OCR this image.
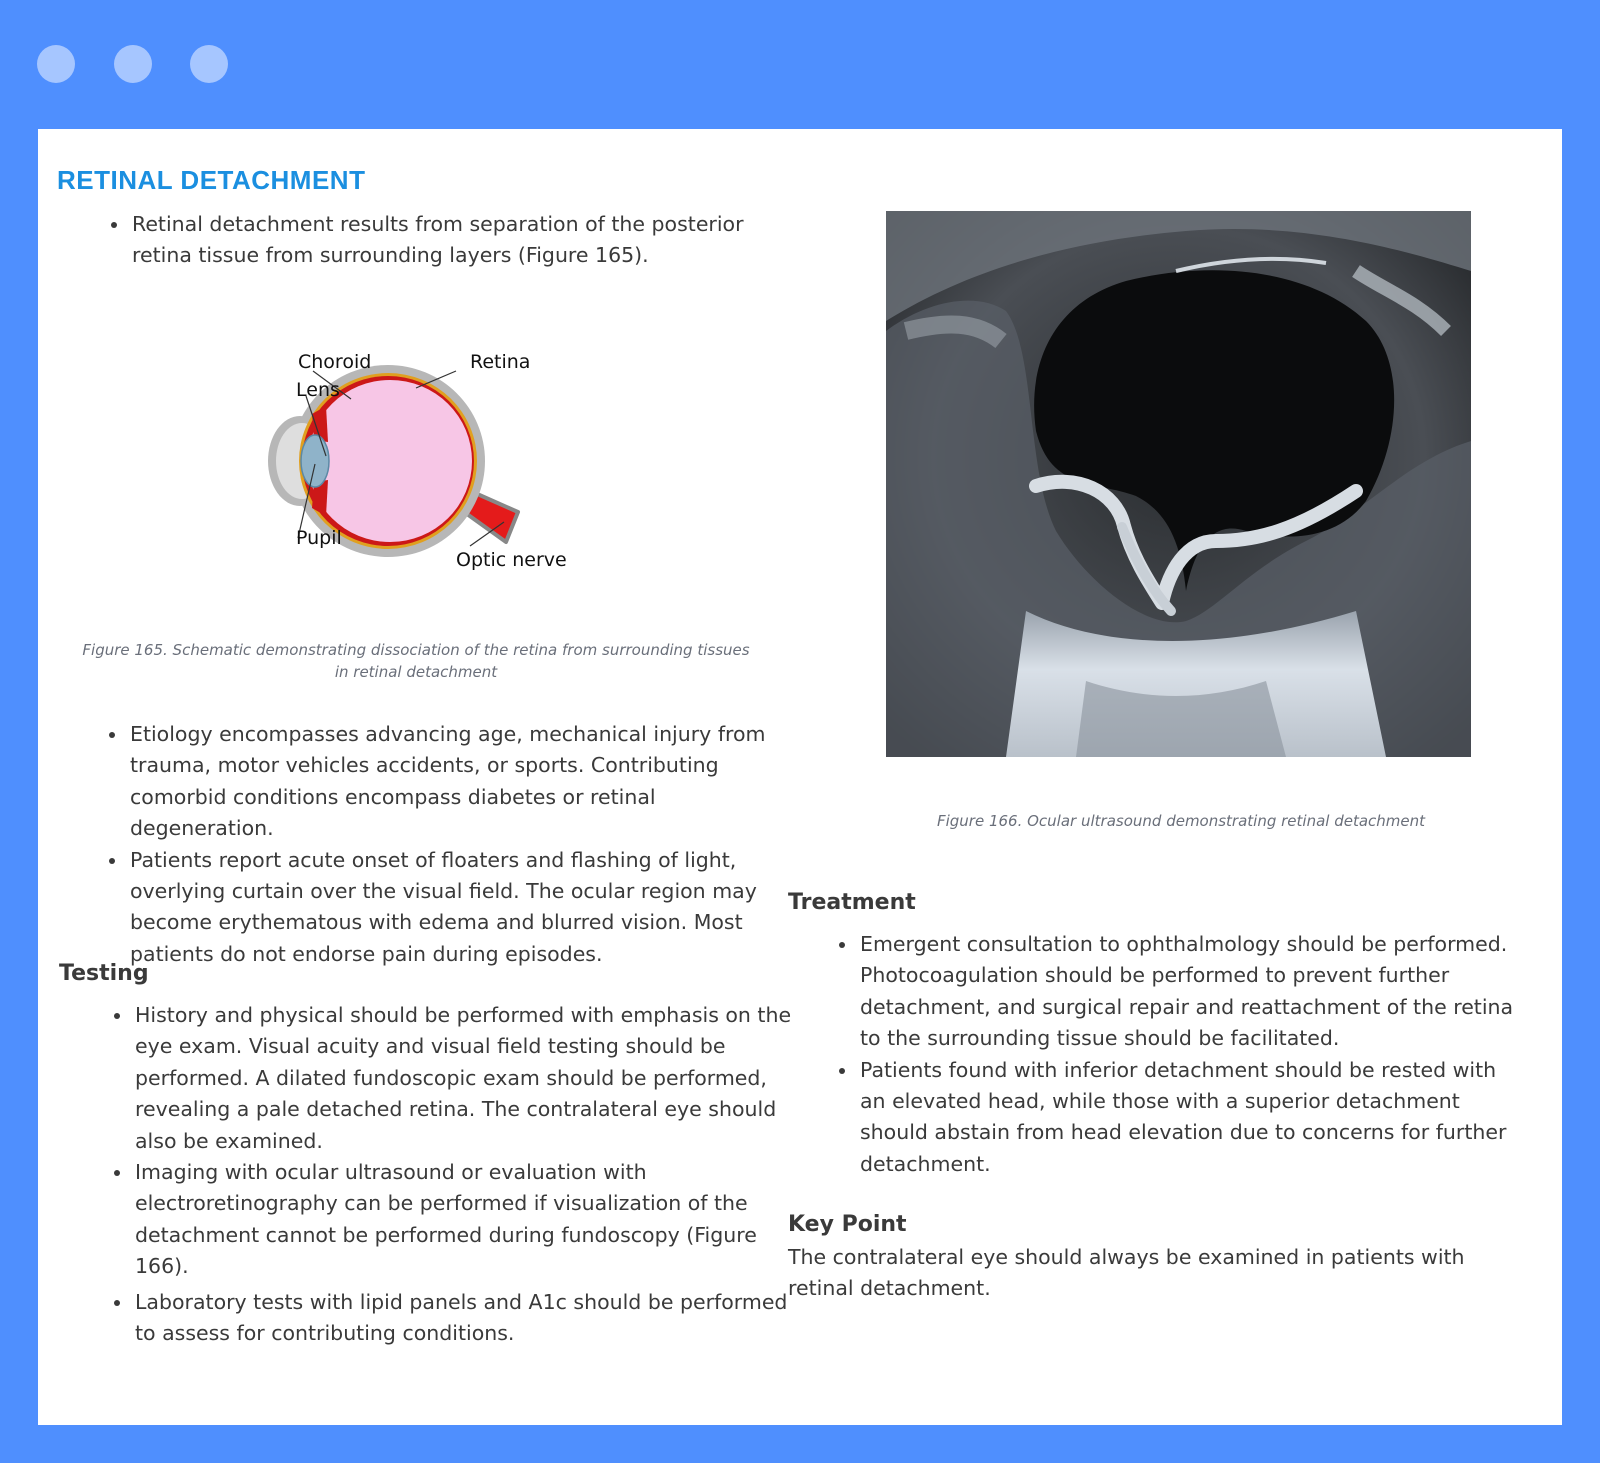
RETINAL DETACHMENT
• Retinal detachment results from separation of the posterior retina tissue from surrounding layers (Figure 165).
Choroid	Retina
Lens
Pupil
Optic nerve
Figure 165. Schematic demonstrating dissociation of the retina from surrounding tissues in retinal detachment
• Etiology encompasses advancing age, mechanical injury from trauma, motor vehicles accidents, or sports. Contributing comorbid conditions encompass diabetes or retinal degeneration.
• Patients report acute onset of floaters and flashing of light, overlying curtain over the visual field. The ocular region may become erythematous with edema and blurred vision. Most patients do not endorse pain during episodes.
Testing
• History and physical should be performed with emphasis on the eye exam. Visual acuity and visual field testing should be performed. A dilated fundoscopic exam should be performed, revealing a pale detached retina. The contralateral eye should also be examined.
• Imaging with ocular ultrasound or evaluation with electroretinography can be performed if visualization of the detachment cannot be performed during fundoscopy (Figure 166).
• Laboratory tests with lipid panels and A1c should be performed to assess for contributing conditions.
Figure 166. Ocular ultrasound demonstrating retinal detachment
Treatment
• Emergent consultation to ophthalmology should be performed. Photocoagulation should be performed to prevent further detachment, and surgical repair and reattachment of the retina to the surrounding tissue should be facilitated.
• Patients found with inferior detachment should be rested with an elevated head, while those with a superior detachment should abstain from head elevation due to concerns for further detachment.
Key Point

The contralateral eye should always be examined in patients with retinal detachment.
